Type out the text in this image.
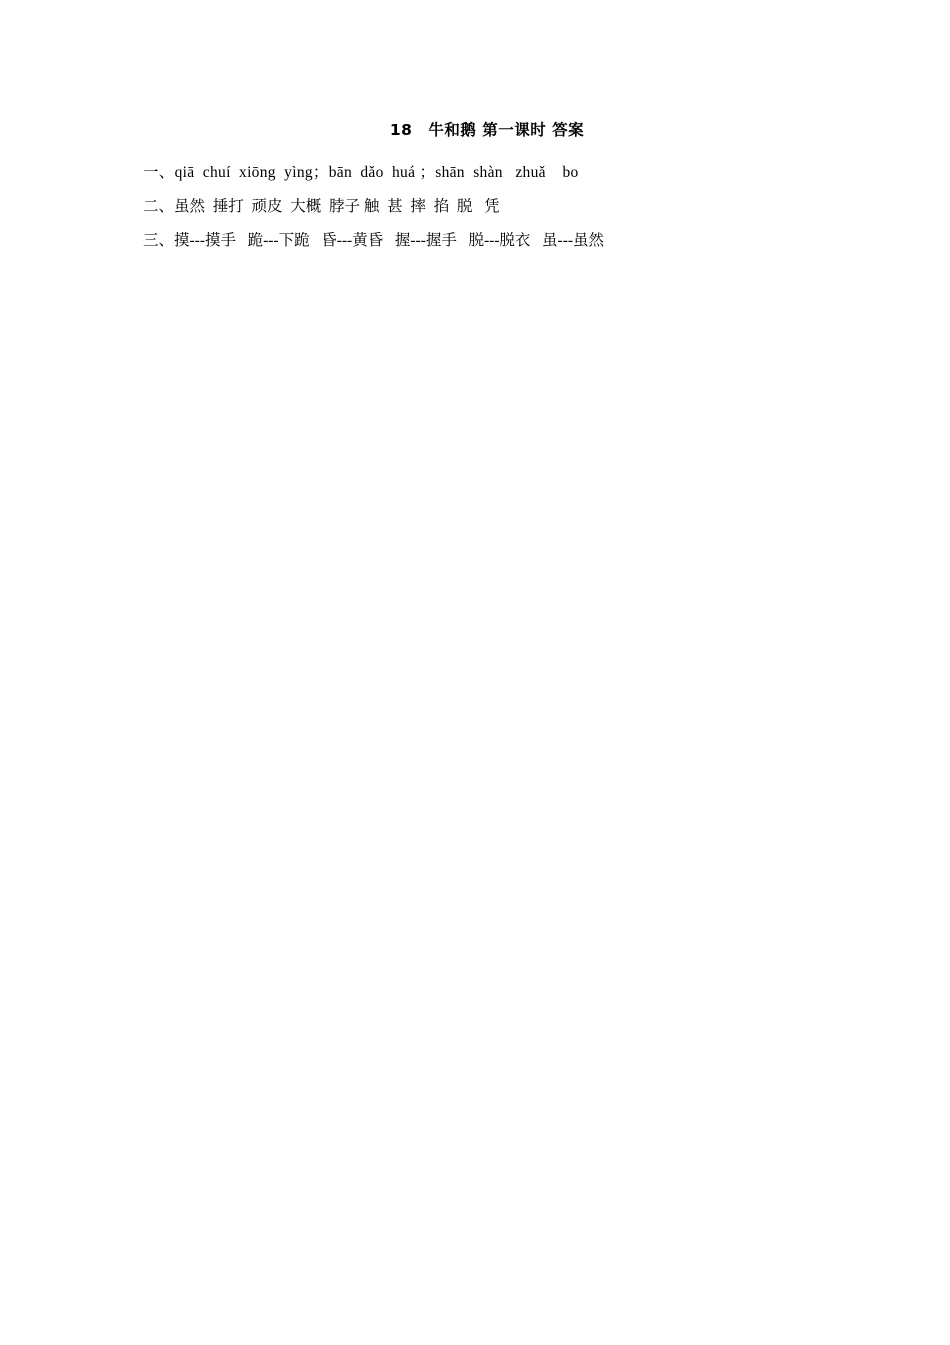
18　牛和鹅 第一课时 答案
一、qiā  chuí  xiōng  yìng；bān  dǎo  huá ；shān  shàn   zhuǎ    bo
二、虽然  捶打  顽皮  大概  脖子 触  甚  摔  掐  脱   凭
三、摸---摸手   跪---下跪   昏---黄昏   握---握手   脱---脱衣   虽---虽然
